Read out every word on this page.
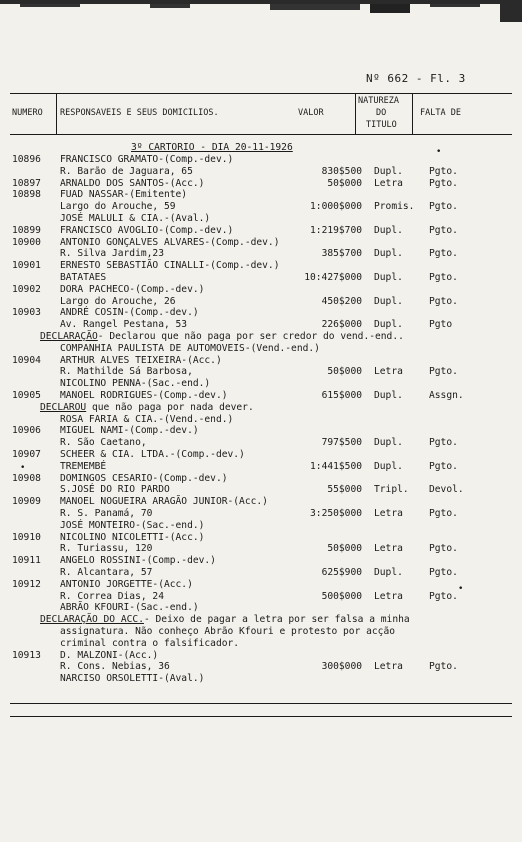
Nº 662 - Fl. 3
NUMERO RESPONSAVEIS E SEUS DOMICILIOS.	VALOR
NATUREZA
DO
TITULO
FALTA DE
3º CARTORIO - DIA 20-11-1926
10896 FRANCISCO GRAMATO-(Comp.-dev.)
R. Barão de Jaguara, 65	830$500 Dupl.	Pgto.
10897 ARNALDO DOS SANTOS-(Acc.)	50$000 Letra	Pgto.
10898 FUAD NASSAR-(Emitente)
Largo do Arouche, 59	1:000$000 Promis. Pgto.
JOSÉ MALULI & CIA.-(Aval.)
10899 FRANCISCO AVOGLIO-(Comp.-dev.)	1:219$700 Dupl.	Pgto.
10900 ANTONIO GONÇALVES ALVARES-(Comp.-dev.)
R. Silva Jardim,23	385$700 Dupl.	Pgto.
10901 ERNESTO SEBASTIÃO CINALLI-(Comp.-dev.)
BATATAES	10:427$000 Dupl.	Pgto.
10902 DORA PACHECO-(Comp.-dev.)
Largo do Arouche, 26	450$200 Dupl.	Pgto.
10903 ANDRÉ COSIN-(Comp.-dev.)
Av. Rangel Pestana, 53	226$000 Dupl.	Pgto
DECLARAÇÃO- Declarou que não paga por ser credor do vend.-end..
COMPANHIA PAULISTA DE AUTOMOVEIS-(Vend.-end.)
10904 ARTHUR ALVES TEIXEIRA-(Acc.)
R. Mathilde Sá Barbosa,	50$000 Letra	Pgto.
NICOLINO PENNA-(Sac.-end.)
10905 MANOEL RODRIGUES-(Comp.-dev.)	615$000 Dupl.	Assgn.
DECLAROU que não paga por nada dever.
ROSA FARIA & CIA.-(Vend.-end.)
10906 MIGUEL NAMI-(Comp.-dev.)
R. São Caetano,	797$500 Dupl.	Pgto.
10907 SCHEER & CIA. LTDA.-(Comp.-dev.)
TREMEMBÉ	1:441$500 Dupl.	Pgto.
10908 DOMINGOS CESARIO-(Comp.-dev.)
S.JOSÉ DO RIO PARDO	55$000 Tripl. Devol.
10909 MANOEL NOGUEIRA ARAGÃO JUNIOR-(Acc.)
R. S. Panamá, 70	3:250$000 Letra	Pgto.
JOSÉ MONTEIRO-(Sac.-end.)
10910 NICOLINO NICOLETTI-(Acc.)
R. Turiassu, 120	50$000 Letra	Pgto.
10911 ANGELO ROSSINI-(Comp.-dev.)
R. Alcantara, 57	625$900 Dupl.	Pgto.
10912 ANTONIO JORGETTE-(Acc.)
R. Correa Dias, 24	500$000 Letra	Pgto.
ABRÃO KFOURI-(Sac.-end.)
DECLARAÇÃO DO ACC.- Deixo de pagar a letra por ser falsa a minha
assignatura. Não conheço Abrão Kfouri e protesto por acção
criminal contra o falsificador.
10913 D. MALZONI-(Acc.)
R. Cons. Nebias, 36	300$000 Letra	Pgto.
NARCISO ORSOLETTI-(Aval.)
•
•
•
